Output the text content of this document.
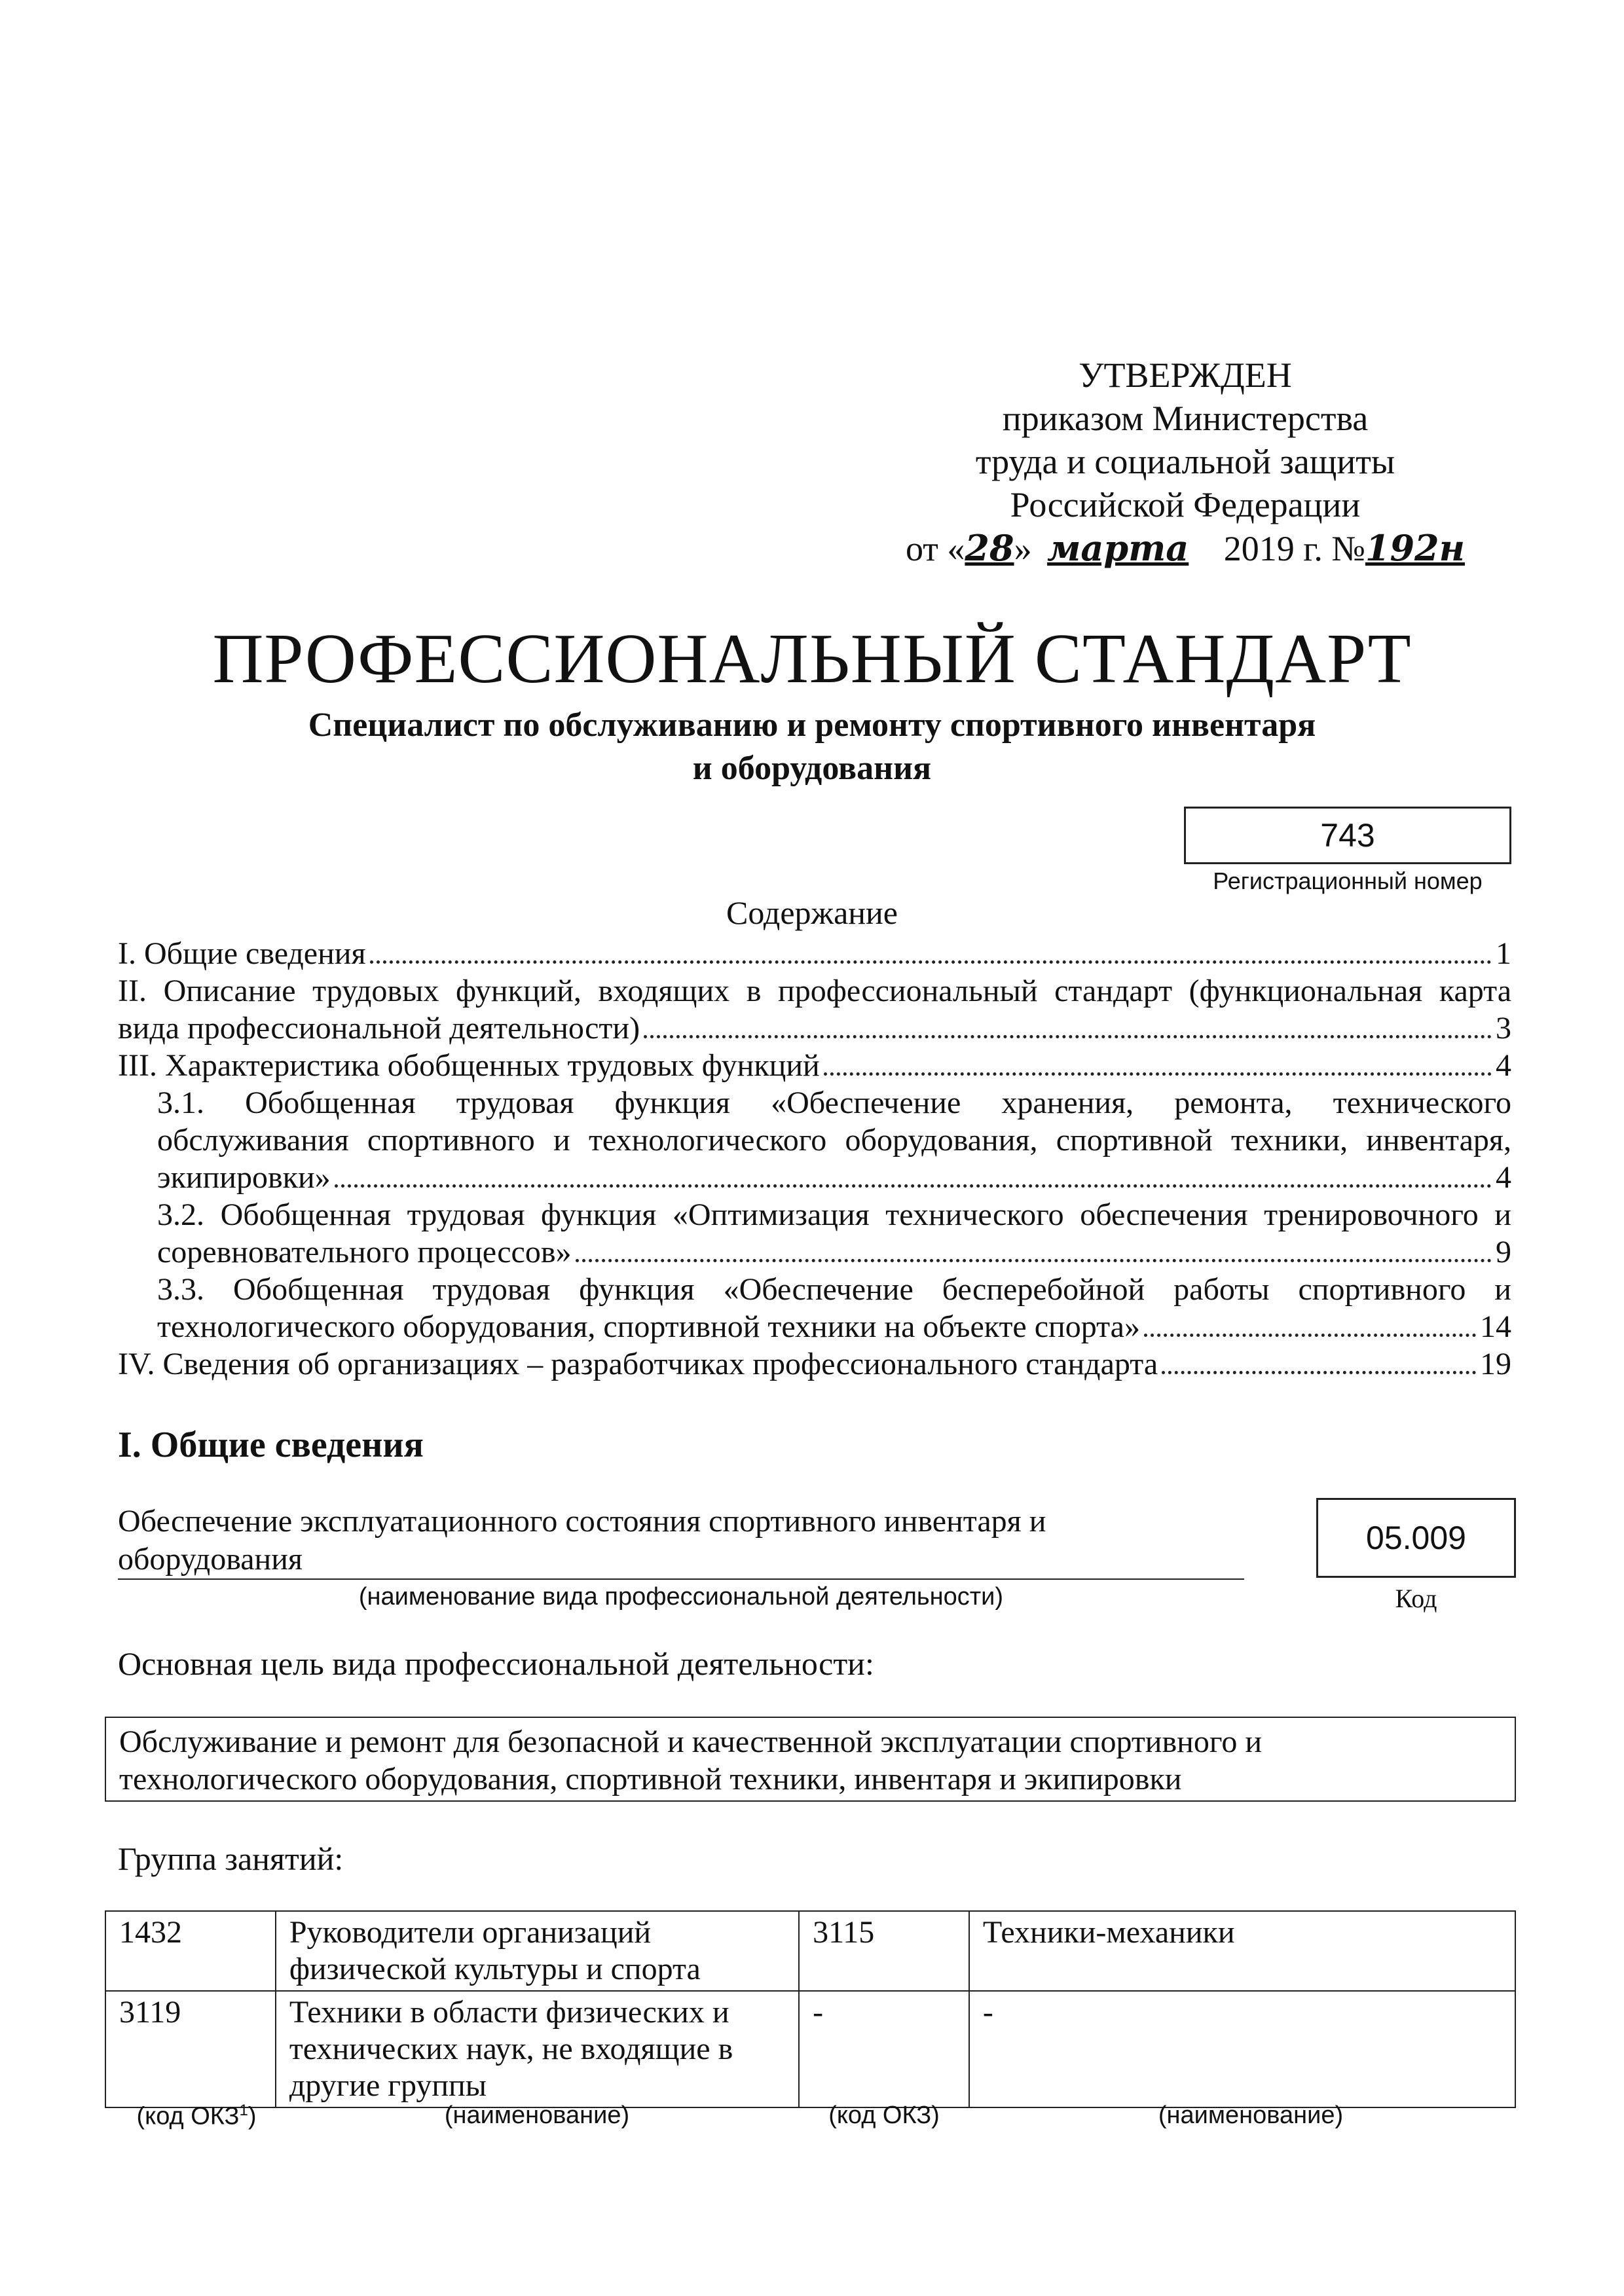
УТВЕРЖДЕН
приказом Министерства
труда и социальной защиты
Российской Федерации
от «28» марта 2019 г. №192н
ПРОФЕССИОНАЛЬНЫЙ СТАНДАРТ
Специалист по обслуживанию и ремонту спортивного инвентаря
и оборудования
743
Регистрационный номер
Содержание
I. Общие сведения	1
II. Описание трудовых функций, входящих в профессиональный стандарт (функциональная карта
вида профессиональной деятельности)	3
III. Характеристика обобщенных трудовых функций	4
3.1. Обобщенная трудовая функция «Обеспечение хранения, ремонта, технического
обслуживания спортивного и технологического оборудования, спортивной техники, инвентаря,
экипировки»	4
3.2. Обобщенная трудовая функция «Оптимизация технического обеспечения тренировочного и
соревновательного процессов»	9
3.3. Обобщенная трудовая функция «Обеспечение бесперебойной работы спортивного и
технологического оборудования, спортивной техники на объекте спорта»	14
IV. Сведения об организациях – разработчиках профессионального стандарта	19
I. Общие сведения
Обеспечение эксплуатационного состояния спортивного инвентаря и
оборудования
(наименование вида профессиональной деятельности)
05.009
Код
Основная цель вида профессиональной деятельности:
Обслуживание и ремонт для безопасной и качественной эксплуатации спортивного и
технологического оборудования, спортивной техники, инвентаря и экипировки
Группа занятий:
1432	Руководители организаций
физической культуры и спорта	3115	Техники-механики
3119	Техники в области физических и
технических наук, не входящие в
другие группы	-	-
(код ОКЗ$^1$)	(наименование)	(код ОКЗ)	(наименование)
